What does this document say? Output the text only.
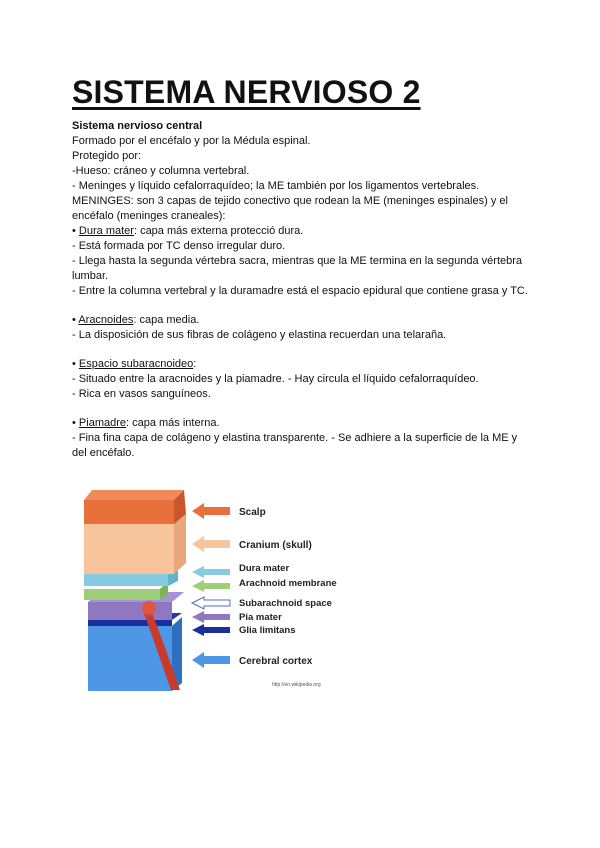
SISTEMA NERVIOSO 2

Sistema nervioso central

Formado por el encéfalo y por la Médula espinal.

Protegido por:

-Hueso: cráneo y columna vertebral.

- Meninges y líquido cefalorraquídeo; la ME también por los ligamentos vertebrales.

MENINGES: son 3 capas de tejido conectivo que rodean la ME (meninges espinales) y el encéfalo (meninges craneales):

• Dura mater: capa más externa protecció dura.

- Está formada por TC denso irregular duro.

- Llega hasta la segunda vértebra sacra, mientras que la ME termina en la segunda vértebra lumbar.

- Entre la columna vertebral y la duramadre está el espacio epidural que contiene grasa y TC.

• Aracnoides: capa media.

- La disposición de sus fibras de colágeno y elastina recuerdan una telaraña.

• Espacio subaracnoideo:

- Situado entre la aracnoides y la piamadre. - Hay circula el líquido cefalorraquídeo.

- Rica en vasos sanguíneos.

• Piamadre: capa más interna.

- Fina fina capa de colágeno y elastina transparente. - Se adhiere a la superficie de la ME y del encéfalo.

Scalp
Cranium (skull)
Dura mater
Arachnoid membrane
Subarachnoid space
Pia mater
Glia limitans
Cerebral cortex
http://en.wikipedia.org
